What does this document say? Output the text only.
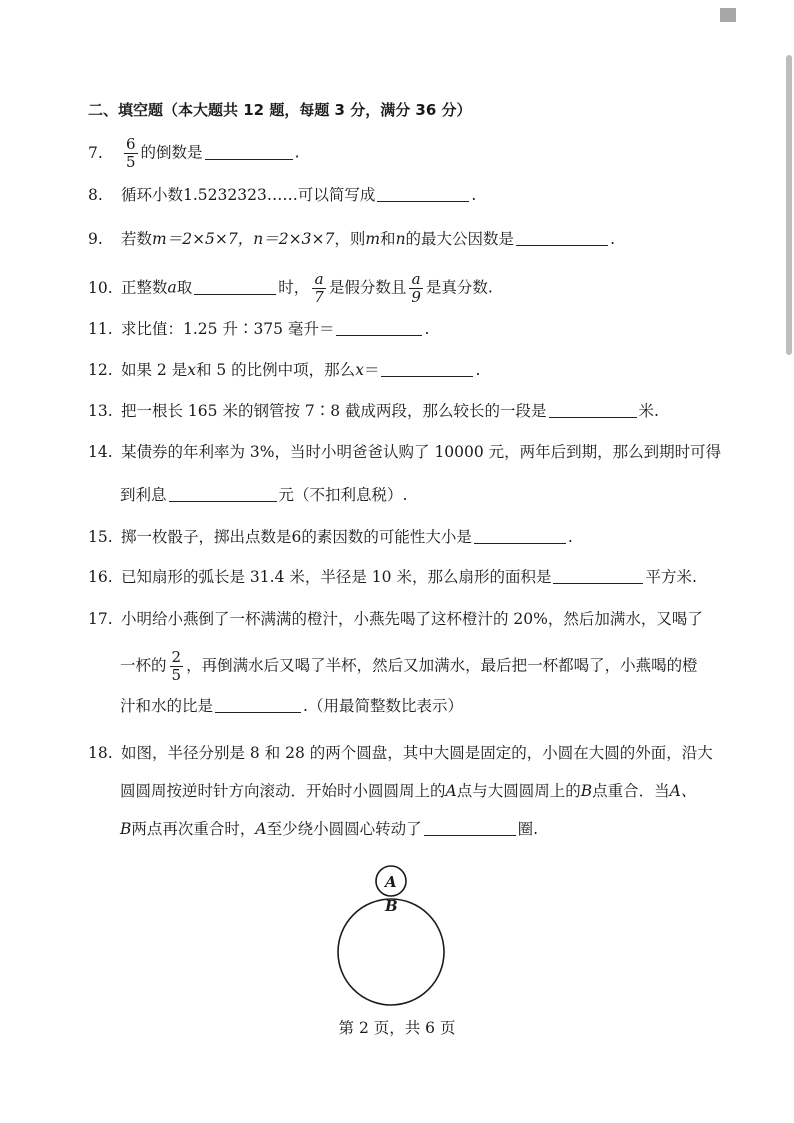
二、填空题（本大题共 12 题，每题 3 分，满分 36 分）
7. $\frac{6}{5}$ 的倒数是	.
8. 循环小数1.5232323……可以简写成	.
9. 若数m＝2×5×7，n＝2×3×7，则m和n的最大公因数是	.
10. 正整数a取	时， $\frac{a}{7}$ 是假分数且 $\frac{a}{9}$ 是真分数.
11. 求比值：1.25 升∶375 毫升＝	.
12. 如果 2 是x和 5 的比例中项，那么x＝	.
13. 把一根长 165 米的钢管按 7∶8 截成两段，那么较长的一段是	米.
14. 某债券的年利率为 3%，当时小明爸爸认购了 10000 元，两年后到期，那么到期时可得
到利息	元（不扣利息税）.
15. 掷一枚骰子，掷出点数是6的素因数的可能性大小是	.
16. 已知扇形的弧长是 31.4 米，半径是 10 米，那么扇形的面积是	平方米.
17. 小明给小燕倒了一杯满满的橙汁，小燕先喝了这杯橙汁的 20%，然后加满水，又喝了
一杯的 $\frac{2}{5}$ ，再倒满水后又喝了半杯，然后又加满水，最后把一杯都喝了，小燕喝的橙
汁和水的比是	.（用最简整数比表示）
18. 如图，半径分别是 8 和 28 的两个圆盘，其中大圆是固定的，小圆在大圆的外面，沿大
圆圆周按逆时针方向滚动．开始时小圆圆周上的A点与大圆圆周上的B点重合．当A、
B两点再次重合时，A至少绕小圆圆心转动了	圈.
A
B
第 2 页，共 6 页
